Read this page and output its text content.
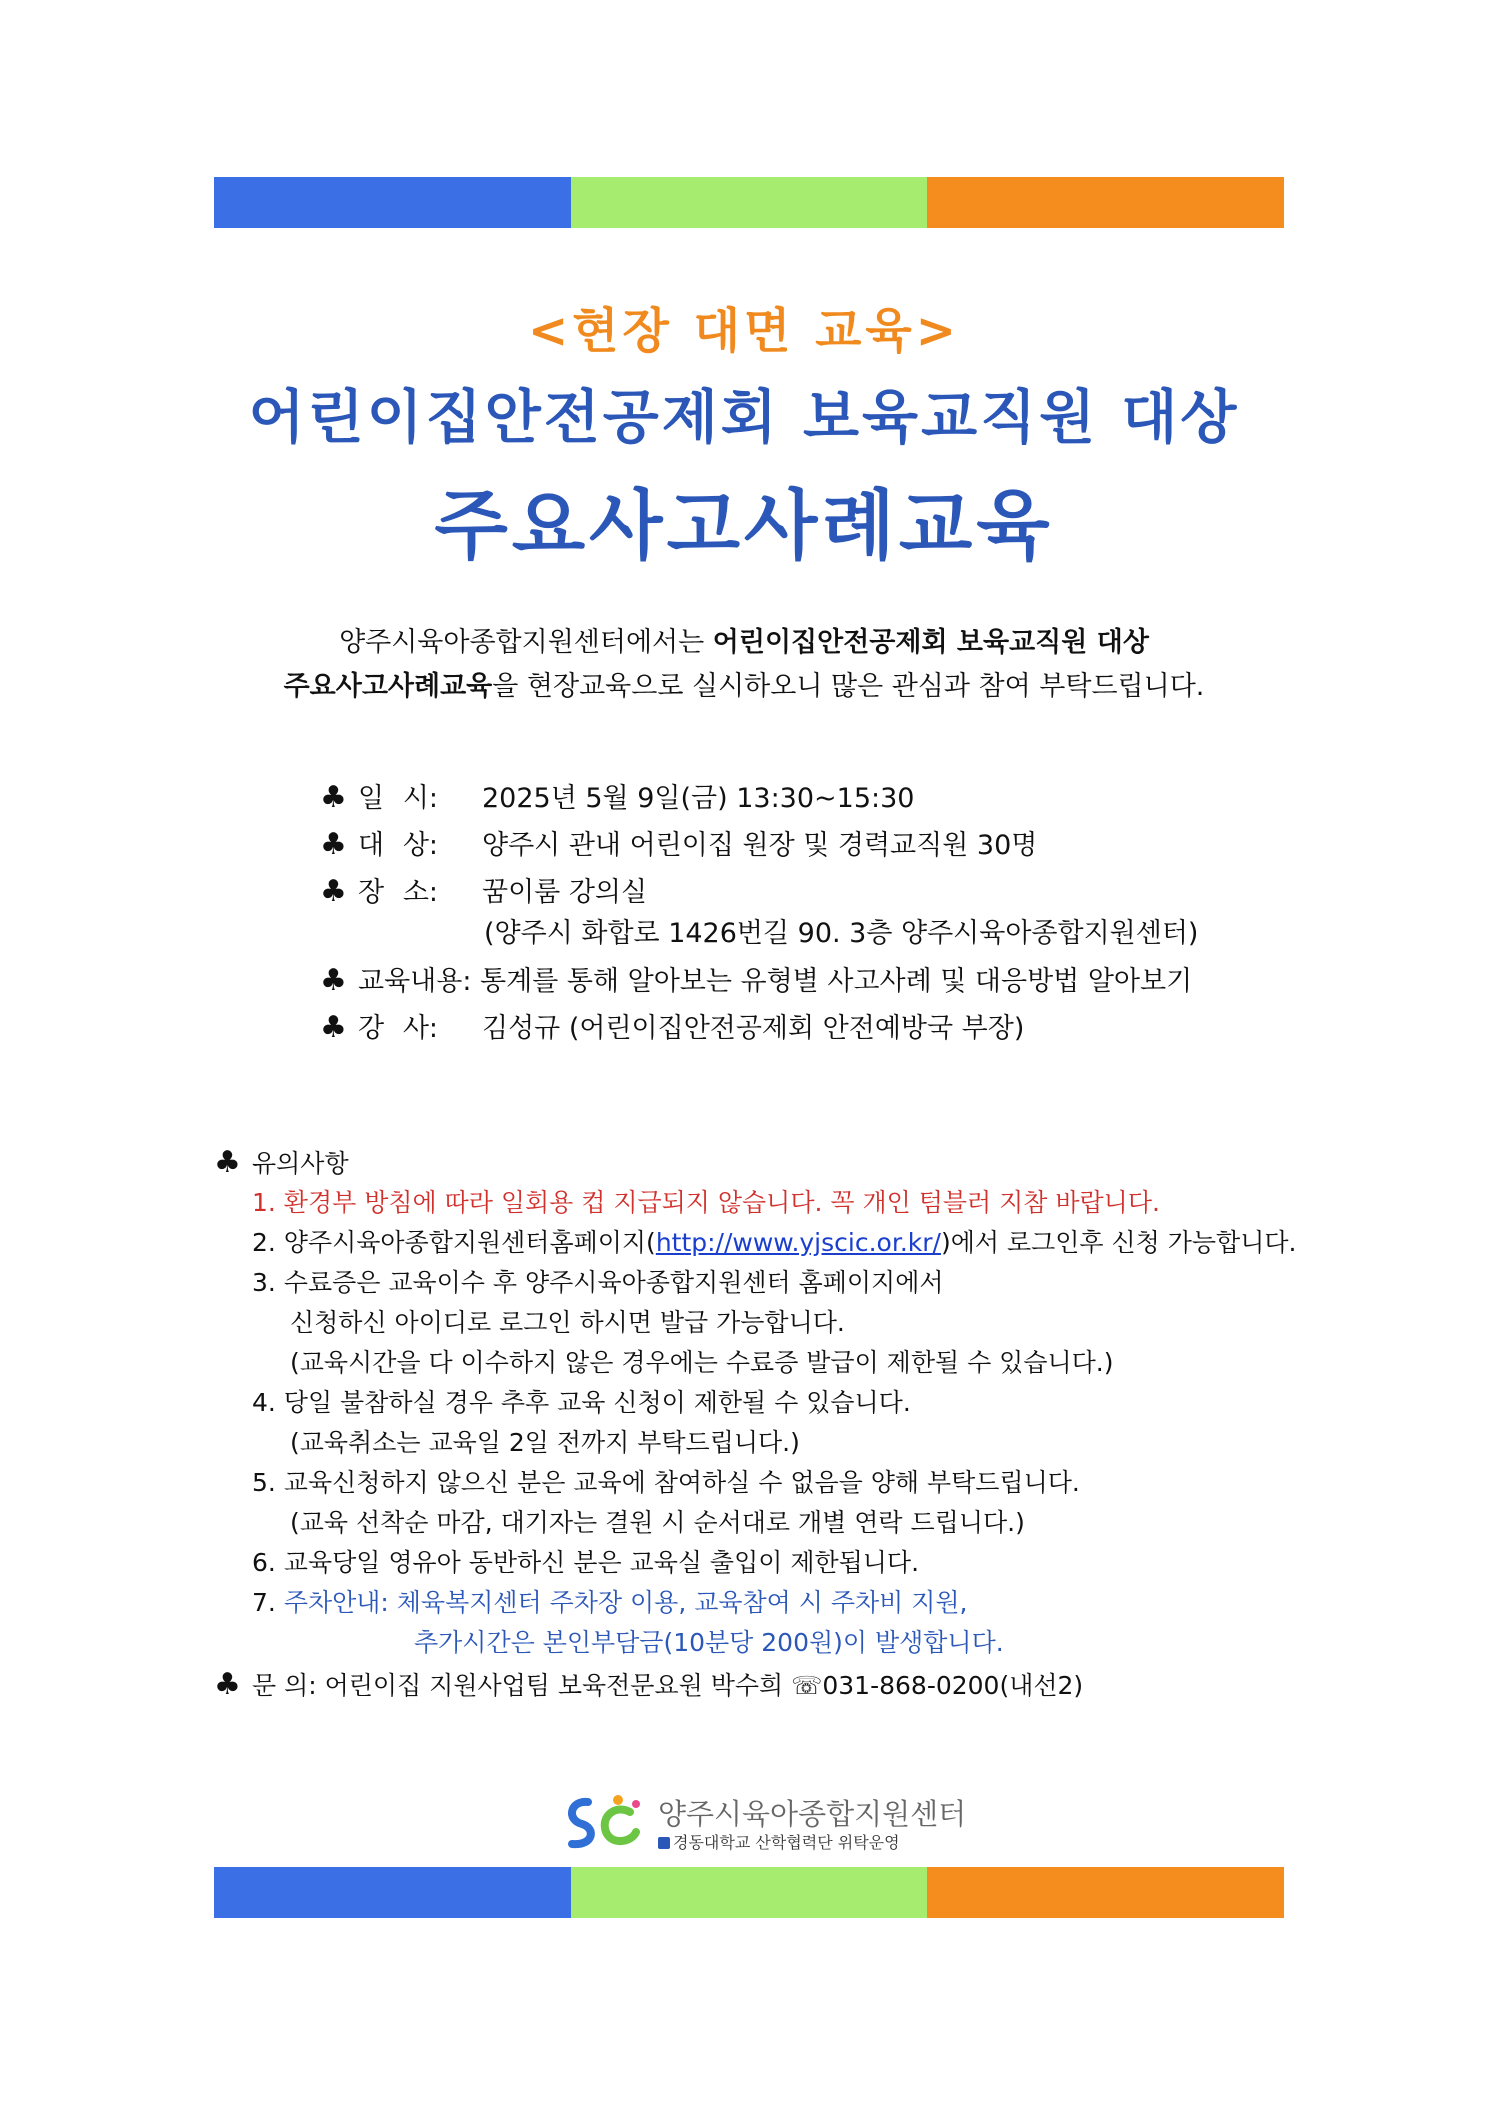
<현장 대면 교육>
어린이집안전공제회 보육교직원 대상
주요사고사례교육
양주시육아종합지원센터에서는 어린이집안전공제회 보육교직원 대상
주요사고사례교육을 현장교육으로 실시하오니 많은 관심과 참여 부탁드립니다.
♣ 일 시: 2025년 5월 9일(금) 13:30~15:30
♣ 대 상: 양주시 관내 어린이집 원장 및 경력교직원 30명
♣ 장 소: 꿈이룸 강의실
(양주시 화합로 1426번길 90. 3층 양주시육아종합지원센터)
♣ 교육내용: 통계를 통해 알아보는 유형별 사고사례 및 대응방법 알아보기
♣ 강 사: 김성규 (어린이집안전공제회 안전예방국 부장)
♣ 유의사항
1. 환경부 방침에 따라 일회용 컵 지급되지 않습니다. 꼭 개인 텀블러 지참 바랍니다.
2. 양주시육아종합지원센터홈페이지(http://www.yjscic.or.kr/)에서 로그인후 신청 가능합니다.
3. 수료증은 교육이수 후 양주시육아종합지원센터 홈페이지에서
신청하신 아이디로 로그인 하시면 발급 가능합니다.
(교육시간을 다 이수하지 않은 경우에는 수료증 발급이 제한될 수 있습니다.)
4. 당일 불참하실 경우 추후 교육 신청이 제한될 수 있습니다.
(교육취소는 교육일 2일 전까지 부탁드립니다.)
5. 교육신청하지 않으신 분은 교육에 참여하실 수 없음을 양해 부탁드립니다.
(교육 선착순 마감, 대기자는 결원 시 순서대로 개별 연락 드립니다.)
6. 교육당일 영유아 동반하신 분은 교육실 출입이 제한됩니다.
7. 주차안내: 체육복지센터 주차장 이용, 교육참여 시 주차비 지원,
추가시간은 본인부담금(10분당 200원)이 발생합니다.
♣ 문 의: 어린이집 지원사업팀 보육전문요원 박수희 ☏031-868-0200(내선2)
양주시육아종합지원센터
경동대학교 산학협력단 위탁운영
